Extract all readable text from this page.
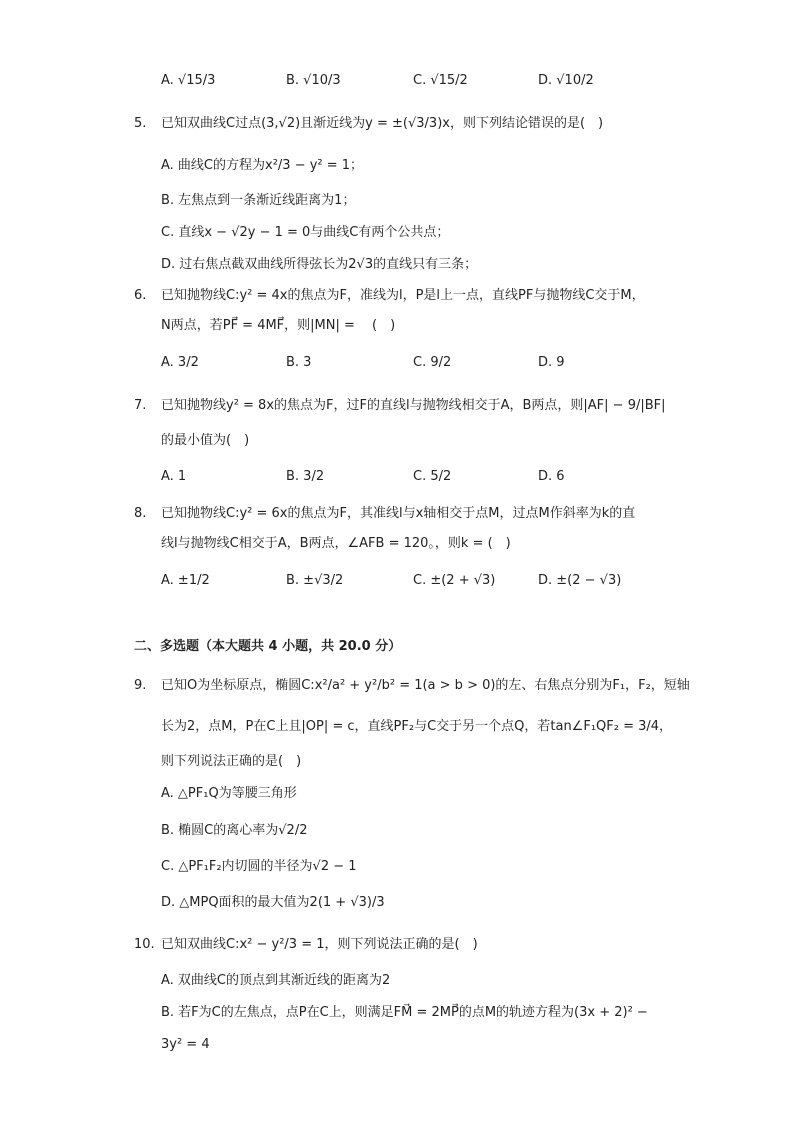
A. √15/3	B. √10/3	C. √15/2	D. √10/2
5. 已知双曲线C过点(3,√2)且渐近线为y = ±(√3/3)x，则下列结论错误的是(　)
A. 曲线C的方程为x²/3 − y² = 1；
B. 左焦点到一条渐近线距离为1；
C. 直线x − √2y − 1 = 0与曲线C有两个公共点；
D. 过右焦点截双曲线所得弦长为2√3的直线只有三条；
6. 已知抛物线C:y² = 4x的焦点为F，准线为l，P是l上一点，直线PF与抛物线C交于M，
N两点，若PF⃗ = 4MF⃗，则|MN| = 　(　)
A. 3/2	B. 3	C. 9/2	D. 9
7. 已知抛物线y² = 8x的焦点为F，过F的直线l与抛物线相交于A，B两点，则|AF| − 9/|BF|
的最小值为(　)
A. 1	B. 3/2	C. 5/2	D. 6
8. 已知抛物线C:y² = 6x的焦点为F，其准线l与x轴相交于点M，过点M作斜率为k的直
线l与抛物线C相交于A，B两点，∠AFB = 120。，则k = (　)
A. ±1/2	B. ±√3/2	C. ±(2 + √3)	D. ±(2 − √3)
二、多选题（本大题共 4 小题，共 20.0 分）
9. 已知O为坐标原点，椭圆C:x²/a² + y²/b² = 1(a > b > 0)的左、右焦点分别为F₁，F₂，短轴
长为2，点M，P在C上且|OP| = c，直线PF₂与C交于另一个点Q，若tan∠F₁QF₂ = 3/4，
则下列说法正确的是(　)
A. △PF₁Q为等腰三角形
B. 椭圆C的离心率为√2/2
C. △PF₁F₂内切圆的半径为√2 − 1
D. △MPQ面积的最大值为2(1 + √3)/3
10. 已知双曲线C:x² − y²/3 = 1，则下列说法正确的是(　)
A. 双曲线C的顶点到其渐近线的距离为2
B. 若F为C的左焦点，点P在C上，则满足FM⃗ = 2MP⃗的点M的轨迹方程为(3x + 2)² −
3y² = 4
